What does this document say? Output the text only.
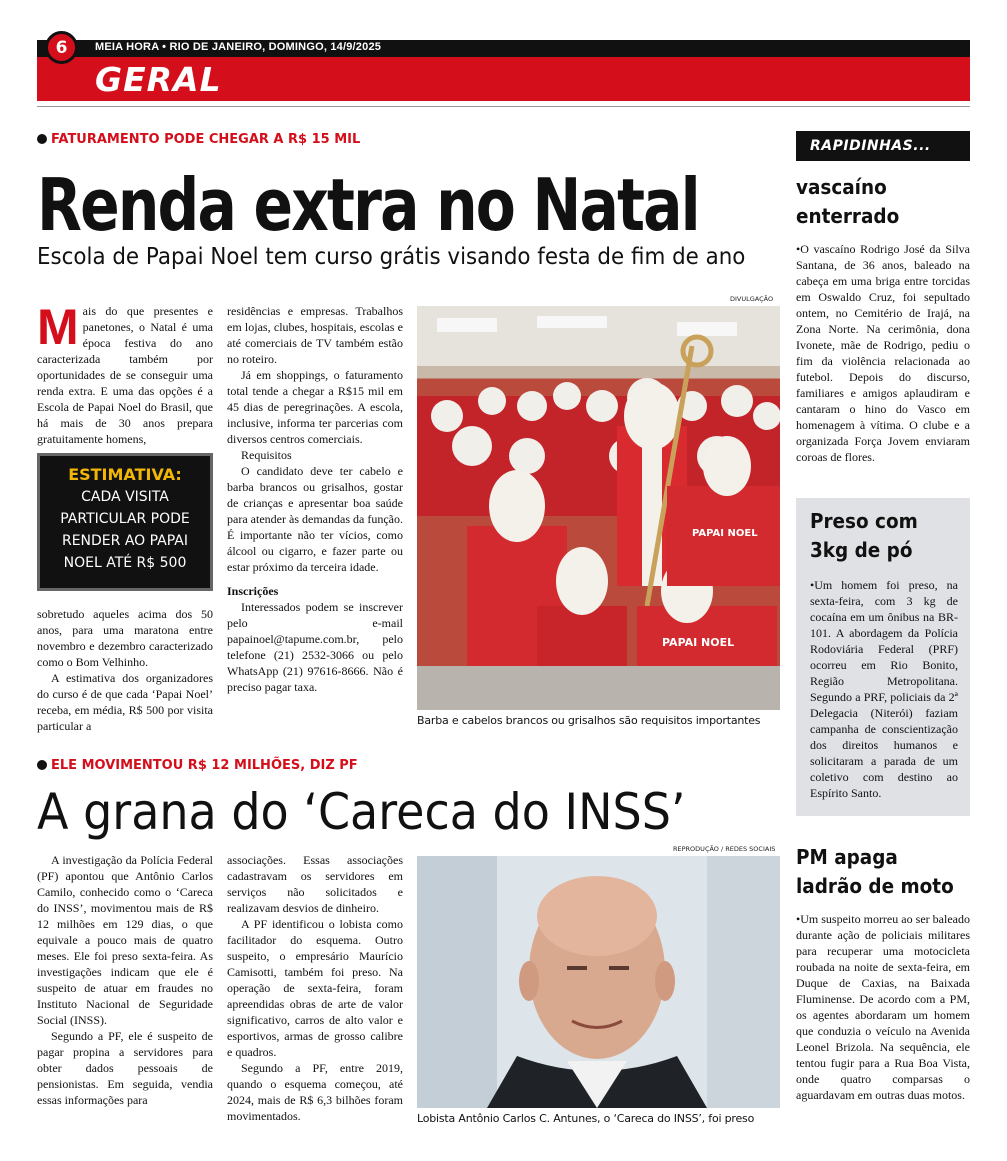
6	MEIA HORA • RIO DE JANEIRO, DOMINGO, 14/9/2025
GERAL
FATURAMENTO PODE CHEGAR A R$ 15 MIL
Renda extra no Natal
Escola de Papai Noel tem curso grátis visando festa de fim de ano
M ais do que presentes e panetones, o Natal é uma época festiva do ano caracterizada também por oportunidades de se conseguir uma renda extra. E uma das opções é a Escola de Papai Noel do Brasil, que há mais de 30 anos prepara gratuitamente homens,
ESTIMATIVA:
CADA VISITA PARTICULAR PODE RENDER AO PAPAI NOEL ATÉ R$ 500

sobretudo aqueles acima dos 50 anos, para uma maratona entre novembro e dezembro caracterizado como o Bom Velhinho.

A estimativa dos organizadores do curso é de que cada ‘Papai Noel’ receba, em média, R$ 500 por visita particular a

residências e empresas. Trabalhos em lojas, clubes, hospitais, escolas e até comerciais de TV também estão no roteiro.

Já em shoppings, o faturamento total tende a chegar a R$15 mil em 45 dias de peregrinações. A escola, inclusive, informa ter parcerias com diversos centros comerciais.

Requisitos

O candidato deve ter cabelo e barba brancos ou grisalhos, gostar de crianças e apresentar boa saúde para atender às demandas da função. É importante não ter vícios, como álcool ou cigarro, e fazer parte ou estar próximo da terceira idade.

Inscrições

Interessados podem se inscrever pelo e-mail papainoel@tapume.com.br, pelo telefone (21) 2532-3066 ou pelo WhatsApp (21) 97616-8666. Não é preciso pagar taxa.

DIVULGAÇÃO
PAPAI NOEL
PAPAI NOEL
Barba e cabelos brancos ou grisalhos são requisitos importantes
ELE MOVIMENTOU R$ 12 MILHÕES, DIZ PF
A grana do ‘Careca do INSS’

A investigação da Polícia Federal (PF) apontou que Antônio Carlos Camilo, conhecido como o ‘Careca do INSS’, movimentou mais de R$ 12 milhões em 129 dias, o que equivale a pouco mais de quatro meses. Ele foi preso sexta-feira. As investigações indicam que ele é suspeito de atuar em fraudes no Instituto Nacional de Seguridade Social (INSS).

Segundo a PF, ele é suspeito de pagar propina a servidores para obter dados pessoais de pensionistas. Em seguida, vendia essas informações para

associações. Essas associações cadastravam os servidores em serviços não solicitados e realizavam desvios de dinheiro.

A PF identificou o lobista como facilitador do esquema. Outro suspeito, o empresário Maurício Camisotti, também foi preso. Na operação de sexta-feira, foram apreendidas obras de arte de valor significativo, carros de alto valor e esportivos, armas de grosso calibre e quadros.

Segundo a PF, entre 2019, quando o esquema começou, até 2024, mais de R$ 6,3 bilhões foram movimentados.

REPRODUÇÃO / REDES SOCIAIS
Lobista Antônio Carlos C. Antunes, o ‘Careca do INSS’, foi preso
RAPIDINHAS...
vascaíno
enterrado
•O vascaíno Rodrigo José da Silva Santana, de 36 anos, baleado na cabeça em uma briga entre torcidas em Oswaldo Cruz, foi sepultado ontem, no Cemitério de Irajá, na Zona Norte. Na cerimônia, dona Ivonete, mãe de Rodrigo, pediu o fim da violência relacionada ao futebol. Depois do discurso, familiares e amigos aplaudiram e cantaram o hino do Vasco em homenagem à vítima. O clube e a organizada Força Jovem enviaram coroas de flores.
Preso com
3kg de pó
•Um homem foi preso, na sexta-feira, com 3 kg de cocaína em um ônibus na BR-101. A abordagem da Polícia Rodoviária Federal (PRF) ocorreu em Rio Bonito, Região Metropolitana. Segundo a PRF, policiais da 2ª Delegacia (Niterói) faziam campanha de conscientização dos direitos humanos e solicitaram a parada de um coletivo com destino ao Espírito Santo.
PM apaga
ladrão de moto
•Um suspeito morreu ao ser baleado durante ação de policiais militares para recuperar uma motocicleta roubada na noite de sexta-feira, em Duque de Caxias, na Baixada Fluminense. De acordo com a PM, os agentes abordaram um homem que conduzia o veículo na Avenida Leonel Brizola. Na sequência, ele tentou fugir para a Rua Boa Vista, onde quatro comparsas o aguardavam em outras duas motos.
